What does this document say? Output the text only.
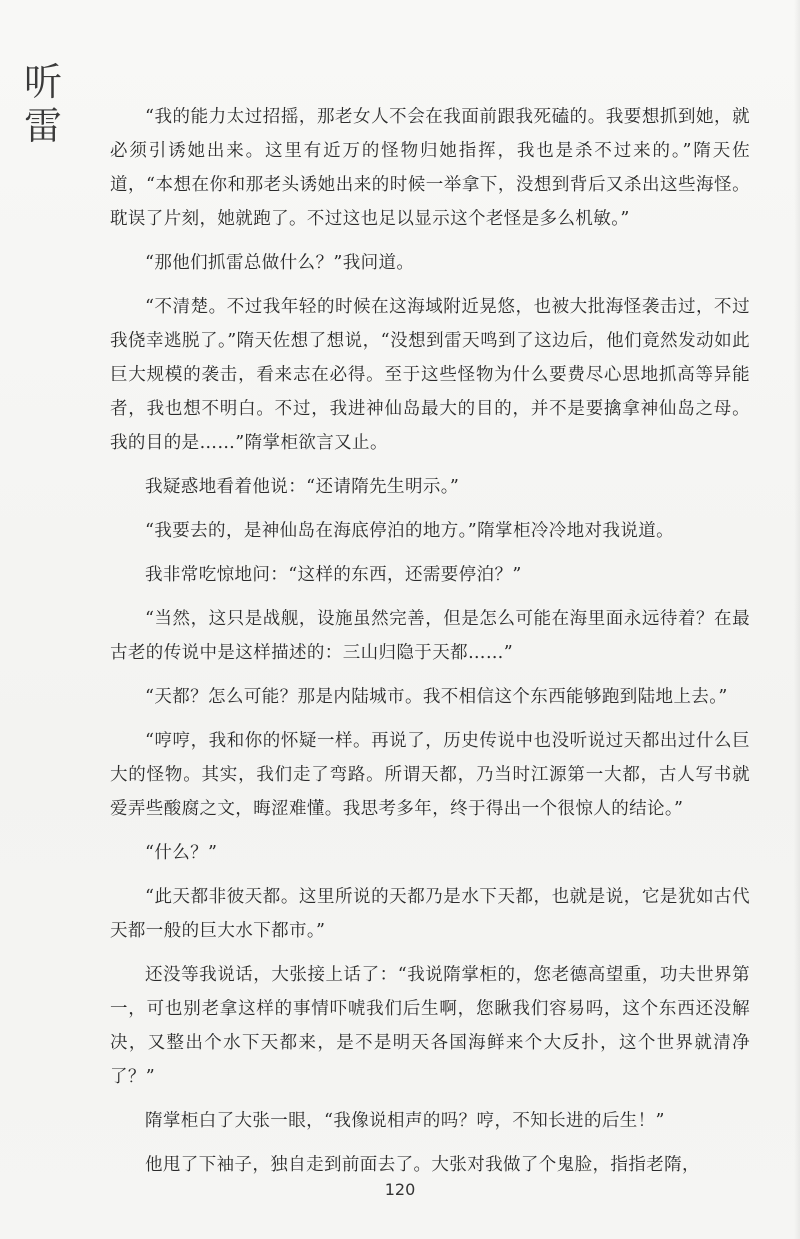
听
雷	“我的能力太过招摇，那老女人不会在我面前跟我死磕的。我要想抓到她，就必须引诱她出来。这里有近万的怪物归她指挥，我也是杀不过来的。”隋天佐道，“本想在你和那老头诱她出来的时候一举拿下，没想到背后又杀出这些海怪。耽误了片刻，她就跑了。不过这也足以显示这个老怪是多么机敏。”

“那他们抓雷总做什么？”我问道。

“不清楚。不过我年轻的时候在这海域附近晃悠，也被大批海怪袭击过，不过我侥幸逃脱了。”隋天佐想了想说，“没想到雷天鸣到了这边后，他们竟然发动如此巨大规模的袭击，看来志在必得。至于这些怪物为什么要费尽心思地抓高等异能者，我也想不明白。不过，我进神仙岛最大的目的，并不是要擒拿神仙岛之母。我的目的是……”隋掌柜欲言又止。

我疑惑地看着他说：“还请隋先生明示。”

“我要去的，是神仙岛在海底停泊的地方。”隋掌柜冷冷地对我说道。

我非常吃惊地问：“这样的东西，还需要停泊？”

“当然，这只是战舰，设施虽然完善，但是怎么可能在海里面永远待着？在最古老的传说中是这样描述的：三山归隐于天都……”

“天都？怎么可能？那是内陆城市。我不相信这个东西能够跑到陆地上去。”

“哼哼，我和你的怀疑一样。再说了，历史传说中也没听说过天都出过什么巨大的怪物。其实，我们走了弯路。所谓天都，乃当时江源第一大都，古人写书就爱弄些酸腐之文，晦涩难懂。我思考多年，终于得出一个很惊人的结论。”

“什么？”

“此天都非彼天都。这里所说的天都乃是水下天都，也就是说，它是犹如古代天都一般的巨大水下都市。”

还没等我说话，大张接上话了：“我说隋掌柜的，您老德高望重，功夫世界第一，可也别老拿这样的事情吓唬我们后生啊，您瞅我们容易吗，这个东西还没解决，又整出个水下天都来，是不是明天各国海鲜来个大反扑，这个世界就清净了？”

隋掌柜白了大张一眼，“我像说相声的吗？哼，不知长进的后生！”

他甩了下袖子，独自走到前面去了。大张对我做了个鬼脸，指指老隋，

120
